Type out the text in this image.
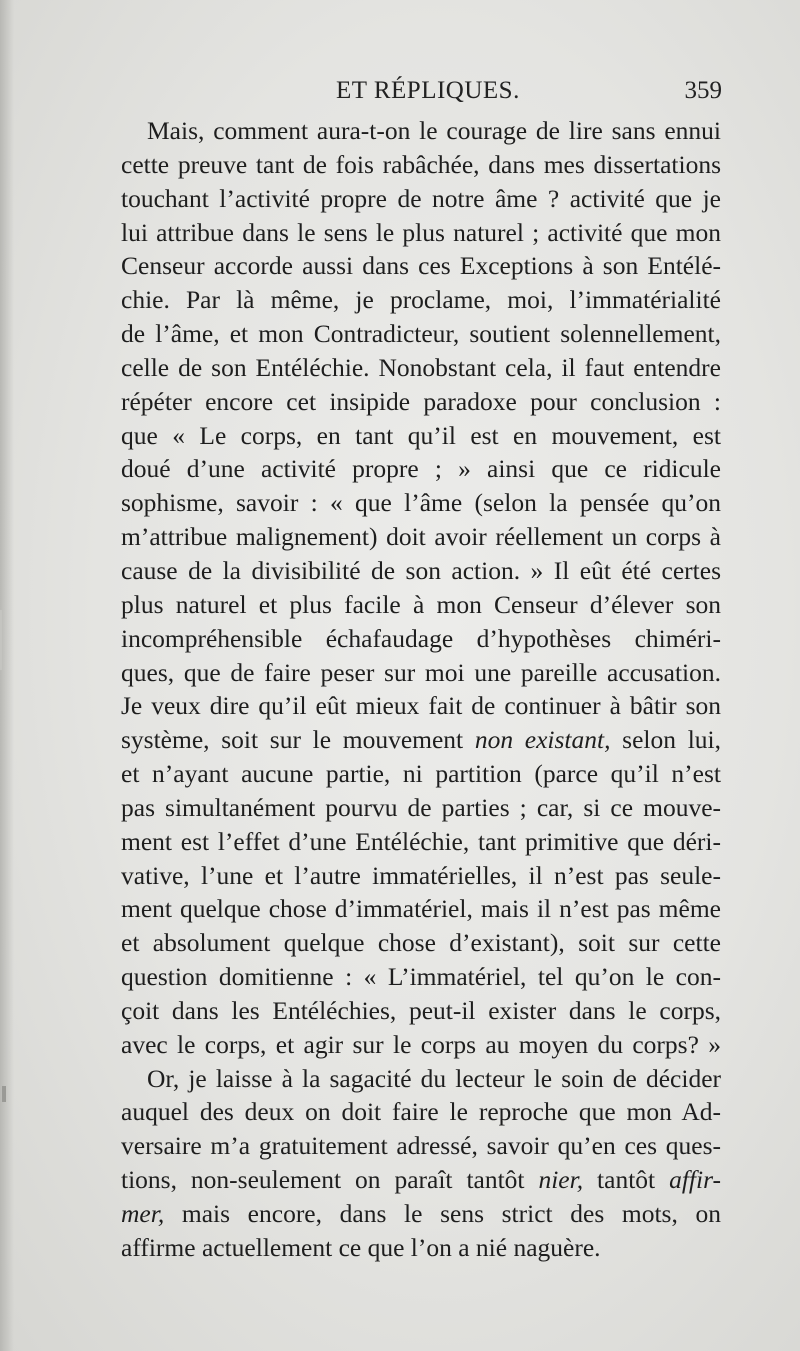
ET RÉPLIQUES.	359
Mais, comment aura-t-on le courage de lire sans ennui
cette preuve tant de fois rabâchée, dans mes dissertations
touchant l’activité propre de notre âme ? activité que je
lui attribue dans le sens le plus naturel ; activité que mon
Censeur accorde aussi dans ces Exceptions à son Entélé-
chie. Par là même, je proclame, moi, l’immatérialité
de l’âme, et mon Contradicteur, soutient solennellement,
celle de son Entéléchie. Nonobstant cela, il faut entendre
répéter encore cet insipide paradoxe pour conclusion :
que « Le corps, en tant qu’il est en mouvement, est
doué d’une activité propre ; » ainsi que ce ridicule
sophisme, savoir : « que l’âme (selon la pensée qu’on
m’attribue malignement) doit avoir réellement un corps à
cause de la divisibilité de son action. » Il eût été certes
plus naturel et plus facile à mon Censeur d’élever son
incompréhensible échafaudage d’hypothèses chiméri-
ques, que de faire peser sur moi une pareille accusation.
Je veux dire qu’il eût mieux fait de continuer à bâtir son
système, soit sur le mouvement non existant, selon lui,
et n’ayant aucune partie, ni partition (parce qu’il n’est
pas simultanément pourvu de parties ; car, si ce mouve-
ment est l’effet d’une Entéléchie, tant primitive que déri-
vative, l’une et l’autre immatérielles, il n’est pas seule-
ment quelque chose d’immatériel, mais il n’est pas même
et absolument quelque chose d’existant), soit sur cette
question domitienne : « L’immatériel, tel qu’on le con-
çoit dans les Entéléchies, peut-il exister dans le corps,
avec le corps, et agir sur le corps au moyen du corps? »
Or, je laisse à la sagacité du lecteur le soin de décider
auquel des deux on doit faire le reproche que mon Ad-
versaire m’a gratuitement adressé, savoir qu’en ces ques-
tions, non-seulement on paraît tantôt nier, tantôt affir-
mer, mais encore, dans le sens strict des mots, on
affirme actuellement ce que l’on a nié naguère.
